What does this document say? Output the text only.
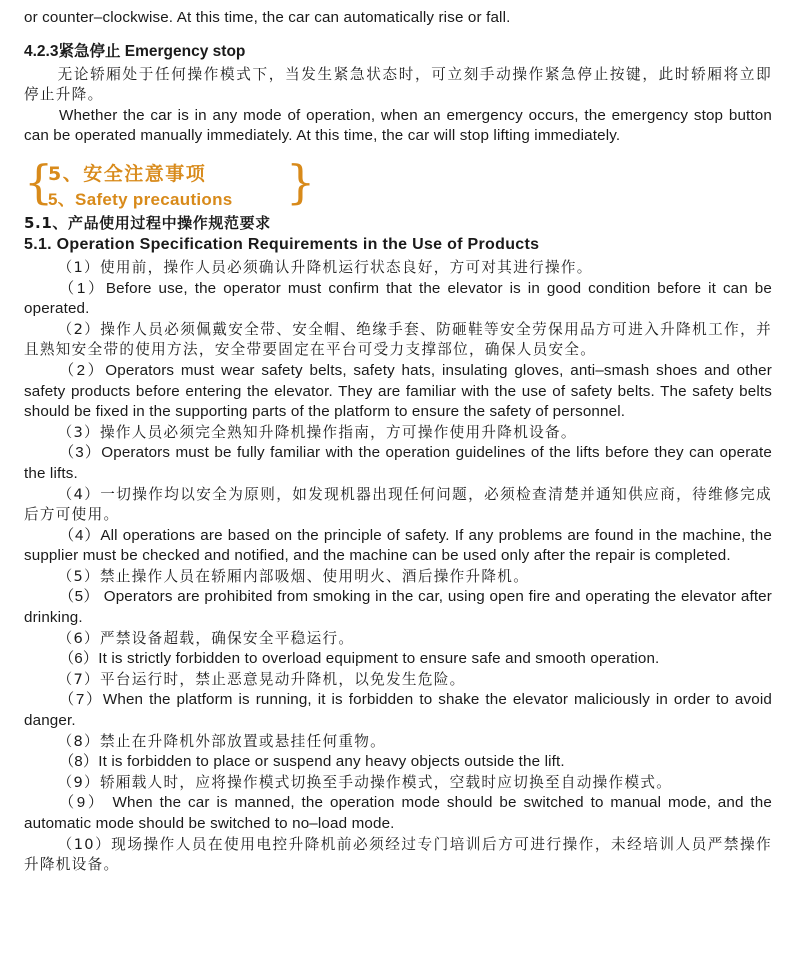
or counter–clockwise. At this time, the car can automatically rise or fall.

4.2.3紧急停止 Emergency stop

无论轿厢处于任何操作模式下，当发生紧急状态时，可立刻手动操作紧急停止按键，此时轿厢将立即停止升降。

Whether the car is in any mode of operation, when an emergency occurs, the emergency stop button can be operated manually immediately. At this time, the car will stop lifting immediately.

{
5、安全注意事项
5、Safety precautions }
5.1、产品使用过程中操作规范要求
5.1. Operation Specification Requirements in the Use of Products

（1）使用前，操作人员必须确认升降机运行状态良好，方可对其进行操作。

（1）Before use, the operator must confirm that the elevator is in good condition before it can be operated.

（2）操作人员必须佩戴安全带、安全帽、绝缘手套、防砸鞋等安全劳保用品方可进入升降机工作，并且熟知安全带的使用方法，安全带要固定在平台可受力支撑部位，确保人员安全。

（2）Operators must wear safety belts, safety hats, insulating gloves, anti–smash shoes and other safety products before entering the elevator. They are familiar with the use of safety belts. The safety belts should be fixed in the supporting parts of the platform to ensure the safety of personnel.

（3）操作人员必须完全熟知升降机操作指南，方可操作使用升降机设备。

（3）Operators must be fully familiar with the operation guidelines of the lifts before they can operate the lifts.

（4）一切操作均以安全为原则，如发现机器出现任何问题，必须检查清楚并通知供应商，待维修完成后方可使用。

（4）All operations are based on the principle of safety. If any problems are found in the machine, the supplier must be checked and notified, and the machine can be used only after the repair is completed.

（5）禁止操作人员在轿厢内部吸烟、使用明火、酒后操作升降机。

（5） Operators are prohibited from smoking in the car, using open fire and operating the elevator after drinking.

（6）严禁设备超载，确保安全平稳运行。

（6）It is strictly forbidden to overload equipment to ensure safe and smooth operation.

（7）平台运行时，禁止恶意晃动升降机，以免发生危险。

（7）When the platform is running, it is forbidden to shake the elevator maliciously in order to avoid danger.

（8）禁止在升降机外部放置或悬挂任何重物。

（8）It is forbidden to place or suspend any heavy objects outside the lift.

（9）轿厢载人时，应将操作模式切换至手动操作模式，空载时应切换至自动操作模式。

（9） When the car is manned, the operation mode should be switched to manual mode, and the automatic mode should be switched to no–load mode.

（10）现场操作人员在使用电控升降机前必须经过专门培训后方可进行操作，未经培训人员严禁操作升降机设备。
